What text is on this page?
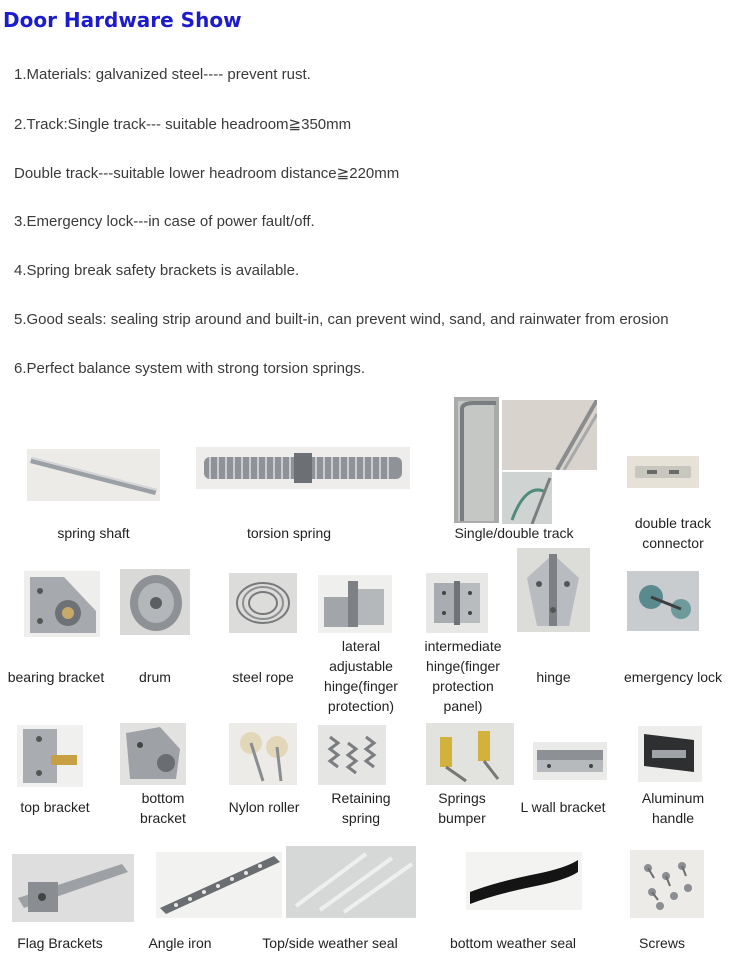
Door Hardware Show
1.Materials: galvanized steel---- prevent rust.
2.Track:Single track--- suitable headroom≧350mm
Double track---suitable lower headroom distance≧220mm
3.Emergency lock---in case of power fault/off.
4.Spring break safety brackets is available.
5.Good seals: sealing strip around and built-in, can prevent wind, sand, and rainwater from erosion
6.Perfect balance system with strong torsion springs.
spring shaft	torsion spring	Single/double track
double track connector
bearing bracket	drum	steel rope
lateral adjustable hinge(finger protection)
intermediate hinge(finger protection panel)
hinge	emergency lock
top bracket
bottom bracket
Nylon roller
Retaining spring
Springs bumper
L wall bracket
Aluminum handle
Flag Brackets	Angle iron	Top/side weather seal	bottom weather seal	Screws
